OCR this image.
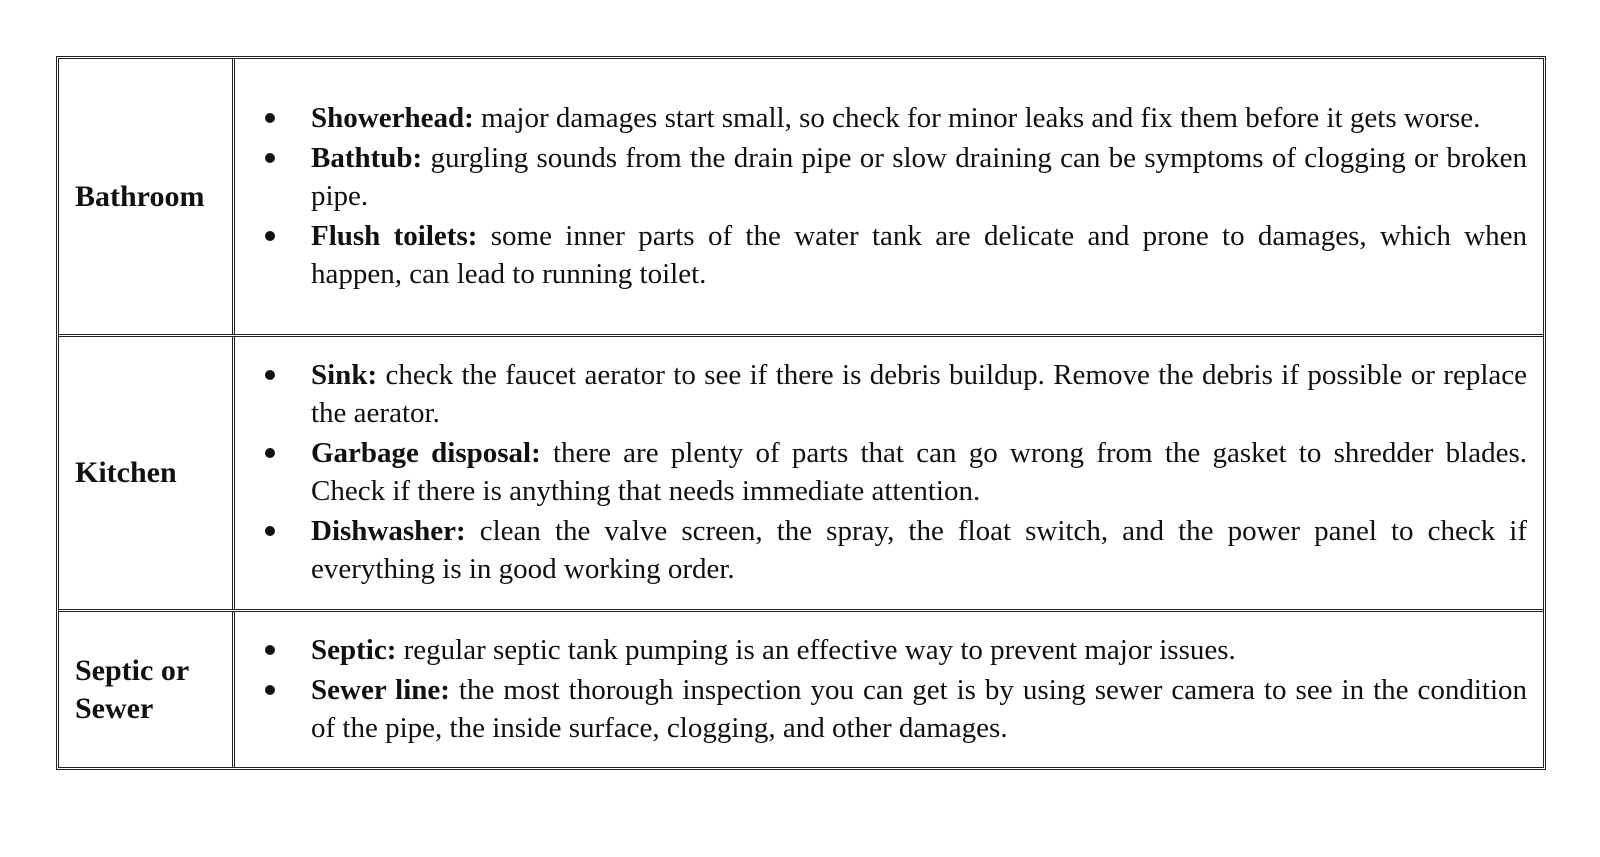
Bathroom
Showerhead: major damages start small, so check for minor leaks and fix them before it gets worse.
Bathtub: gurgling sounds from the drain pipe or slow draining can be symptoms of clogging or broken pipe.
Flush toilets: some inner parts of the water tank are delicate and prone to damages, which when happen, can lead to running toilet.
Kitchen
Sink: check the faucet aerator to see if there is debris buildup. Remove the debris if possible or replace the aerator.
Garbage disposal: there are plenty of parts that can go wrong from the gasket to shredder blades. Check if there is anything that needs immediate attention.
Dishwasher: clean the valve screen, the spray, the float switch, and the power panel to check if everything is in good working order.
Septic or
Sewer
Septic: regular septic tank pumping is an effective way to prevent major issues.
Sewer line: the most thorough inspection you can get is by using sewer camera to see in the condition of the pipe, the inside surface, clogging, and other damages.
